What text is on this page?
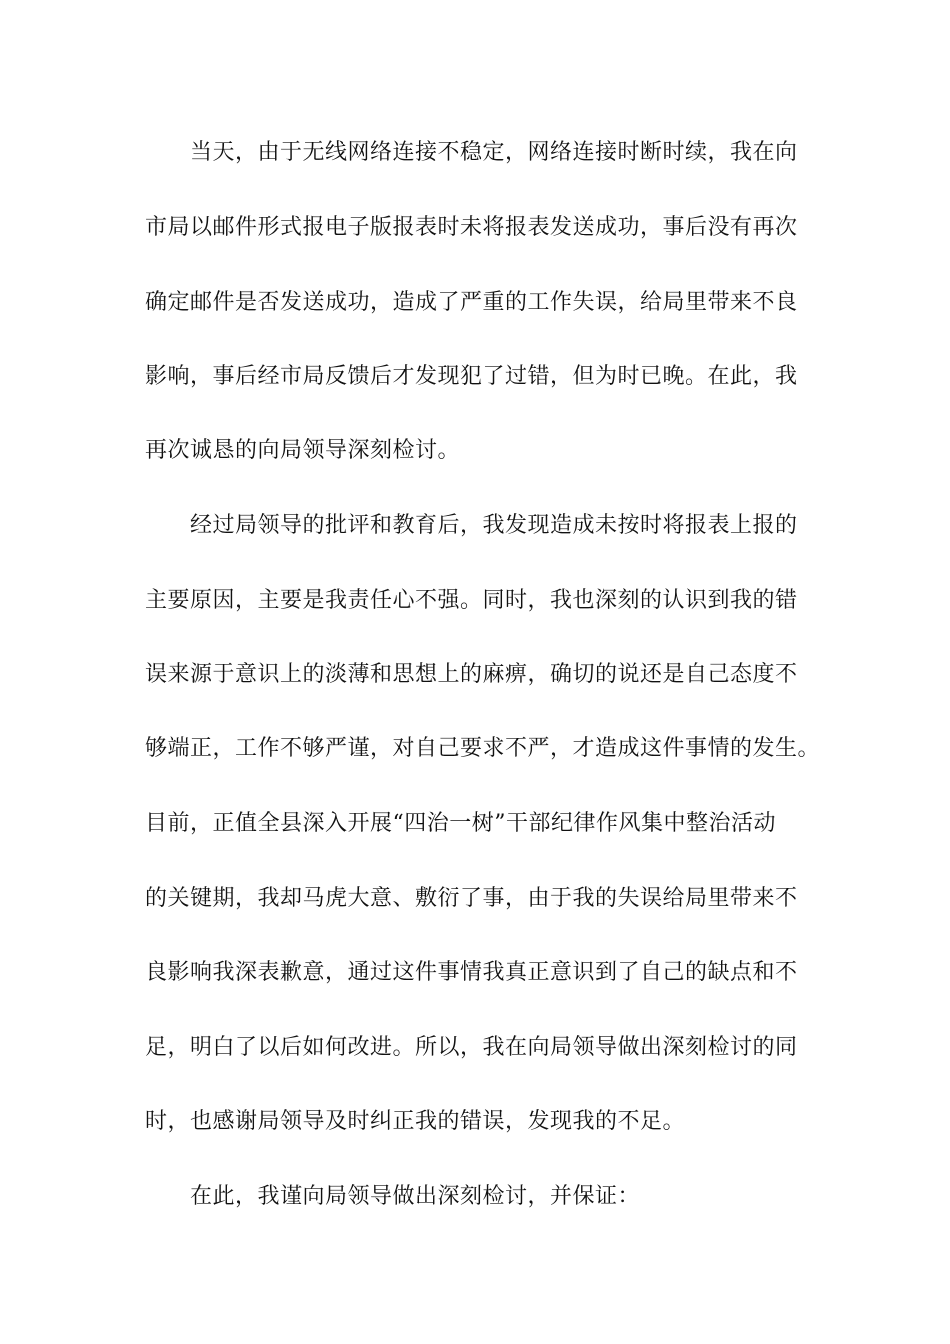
当天，由于无线网络连接不稳定，网络连接时断时续，我在向
市局以邮件形式报电子版报表时未将报表发送成功，事后没有再次
确定邮件是否发送成功，造成了严重的工作失误，给局里带来不良
影响，事后经市局反馈后才发现犯了过错，但为时已晚。在此，我
再次诚恳的向局领导深刻检讨。
经过局领导的批评和教育后，我发现造成未按时将报表上报的
主要原因，主要是我责任心不强。同时，我也深刻的认识到我的错
误来源于意识上的淡薄和思想上的麻痹，确切的说还是自己态度不
够端正，工作不够严谨，对自己要求不严，才造成这件事情的发生。
目前，正值全县深入开展“四治一树”干部纪律作风集中整治活动
的关键期，我却马虎大意、敷衍了事，由于我的失误给局里带来不
良影响我深表歉意，通过这件事情我真正意识到了自己的缺点和不
足，明白了以后如何改进。所以，我在向局领导做出深刻检讨的同
时，也感谢局领导及时纠正我的错误，发现我的不足。
在此，我谨向局领导做出深刻检讨，并保证：
